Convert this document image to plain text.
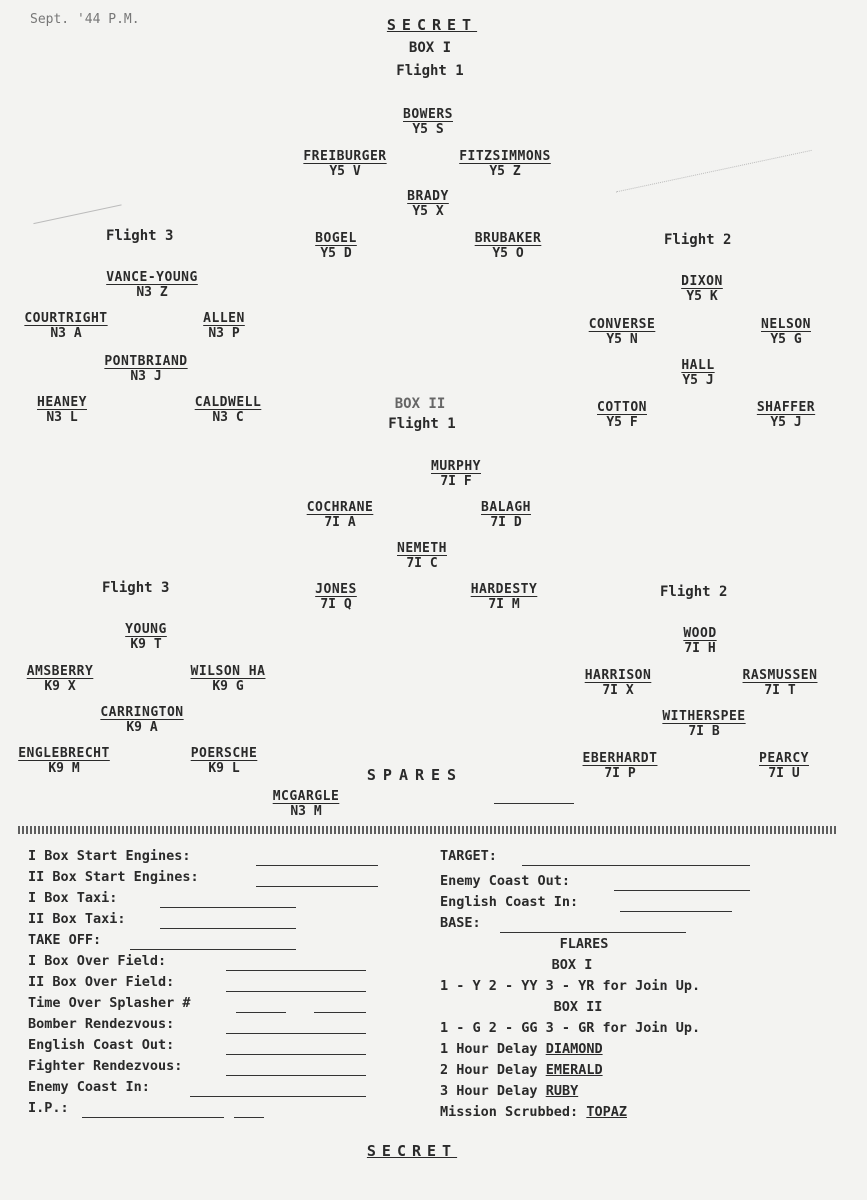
Sept. '44 P.M.	SECRET
BOX I
Flight 1
BOWERS
Y5 S
FREIBURGER
Y5 V
FITZSIMMONS
Y5 Z
BRADY
Y5 X
BOGEL
Y5 D
BRUBAKER
Y5 O
Flight 3
VANCE-YOUNG
N3 Z
COURTRIGHT
N3 A
ALLEN
N3 P
PONTBRIAND
N3 J
HEANEY
N3 L
CALDWELL
N3 C
Flight 2
DIXON
Y5 K
CONVERSE
Y5 N
NELSON
Y5 G
HALL
Y5 J
COTTON
Y5 F
SHAFFER
Y5 J
BOX II
Flight 1
MURPHY
7I F
COCHRANE
7I A
BALAGH
7I D
NEMETH
7I C
JONES
7I Q
HARDESTY
7I M
Flight 3
YOUNG
K9 T
AMSBERRY
K9 X
WILSON HA
K9 G
CARRINGTON
K9 A
ENGLEBRECHT
K9 M
POERSCHE
K9 L
Flight 2
WOOD
7I H
HARRISON
7I X
RASMUSSEN
7I T
WITHERSPEE
7I B
EBERHARDT
7I P
PEARCY
7I U
SPARES
MCGARGLE
N3 M
I Box Start Engines:
II Box Start Engines:
I Box Taxi:
II Box Taxi:
TAKE OFF:
I Box Over Field:
II Box Over Field:
Time Over Splasher #
Bomber Rendezvous:
English Coast Out:
Fighter Rendezvous:
Enemy Coast In:
I.P.:
TARGET:
Enemy Coast Out:
English Coast In:
BASE:
FLARES
BOX I
1 - Y 2 - YY 3 - YR for Join Up.
BOX II
1 - G 2 - GG 3 - GR for Join Up.
1 Hour Delay DIAMOND
2 Hour Delay EMERALD
3 Hour Delay RUBY
Mission Scrubbed: TOPAZ
SECRET
